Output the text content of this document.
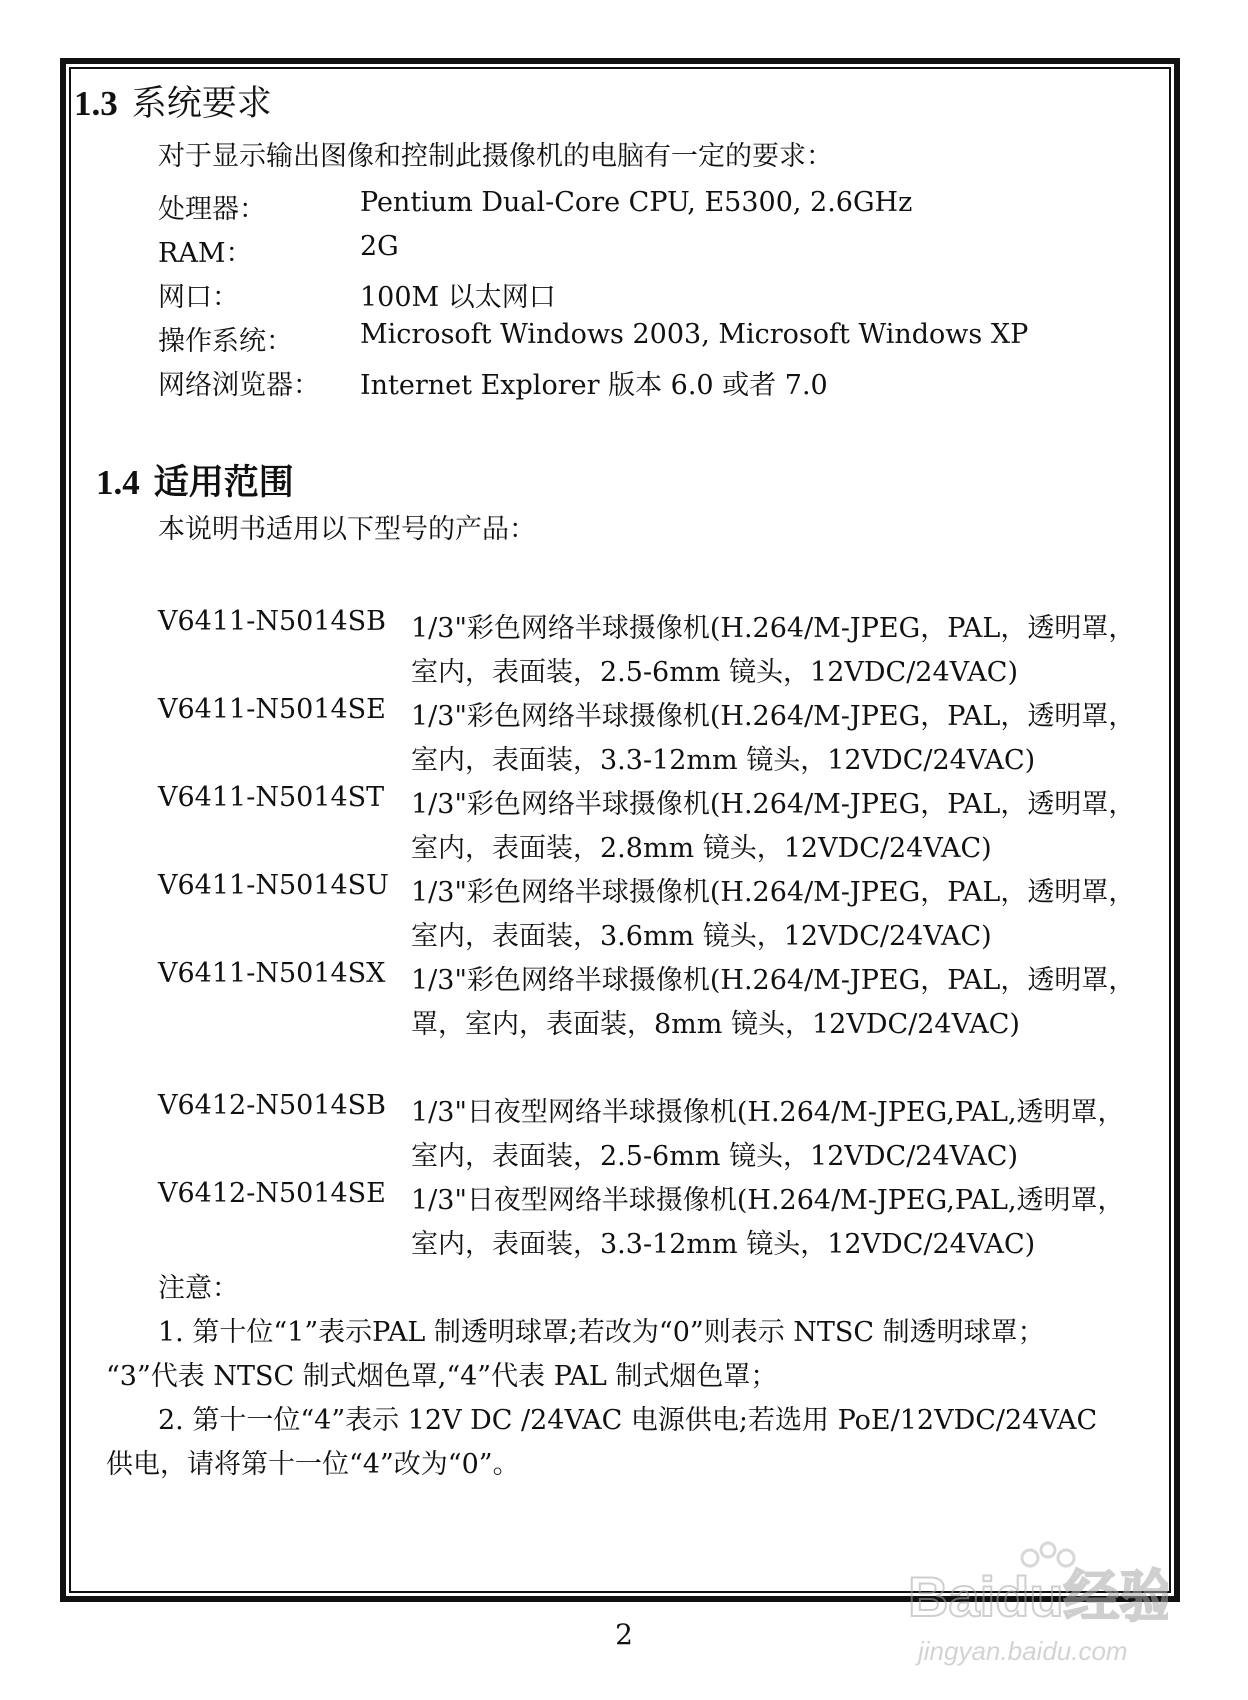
1.3 系统要求
对于显示输出图像和控制此摄像机的电脑有一定的要求：
处理器：	Pentium Dual-Core CPU, E5300, 2.6GHz
RAM：	2G
网口：	100M 以太网口
操作系统： Microsoft Windows 2003, Microsoft Windows XP
网络浏览器： Internet Explorer 版本 6.0 或者 7.0
1.4 适用范围
本说明书适用以下型号的产品：
V6411-N5014SB 1/3"彩色网络半球摄像机(H.264/M-JPEG，PAL，透明罩，
室内，表面装，2.5-6mm 镜头，12VDC/24VAC)
V6411-N5014SE 1/3"彩色网络半球摄像机(H.264/M-JPEG，PAL，透明罩，
室内，表面装，3.3-12mm 镜头，12VDC/24VAC)
V6411-N5014ST 1/3"彩色网络半球摄像机(H.264/M-JPEG，PAL，透明罩，
室内，表面装，2.8mm 镜头，12VDC/24VAC)
V6411-N5014SU 1/3"彩色网络半球摄像机(H.264/M-JPEG，PAL，透明罩，
室内，表面装，3.6mm 镜头，12VDC/24VAC)
V6411-N5014SX 1/3"彩色网络半球摄像机(H.264/M-JPEG，PAL，透明罩，
罩，室内，表面装，8mm 镜头，12VDC/24VAC)
V6412-N5014SB 1/3"日夜型网络半球摄像机(H.264/M-JPEG,PAL,透明罩，
室内，表面装，2.5-6mm 镜头，12VDC/24VAC)
V6412-N5014SE 1/3"日夜型网络半球摄像机(H.264/M-JPEG,PAL,透明罩，
室内，表面装，3.3-12mm 镜头，12VDC/24VAC)
注意：
1. 第十位“1”表示PAL 制透明球罩;若改为“0”则表示 NTSC 制透明球罩；
“3”代表 NTSC 制式烟色罩,“4”代表 PAL 制式烟色罩；
2. 第十一位“4”表示 12V DC /24VAC 电源供电;若选用 PoE/12VDC/24VAC
供电，请将第十一位“4”改为“0”。
2
Baidu经验
jingyan.baidu.com
